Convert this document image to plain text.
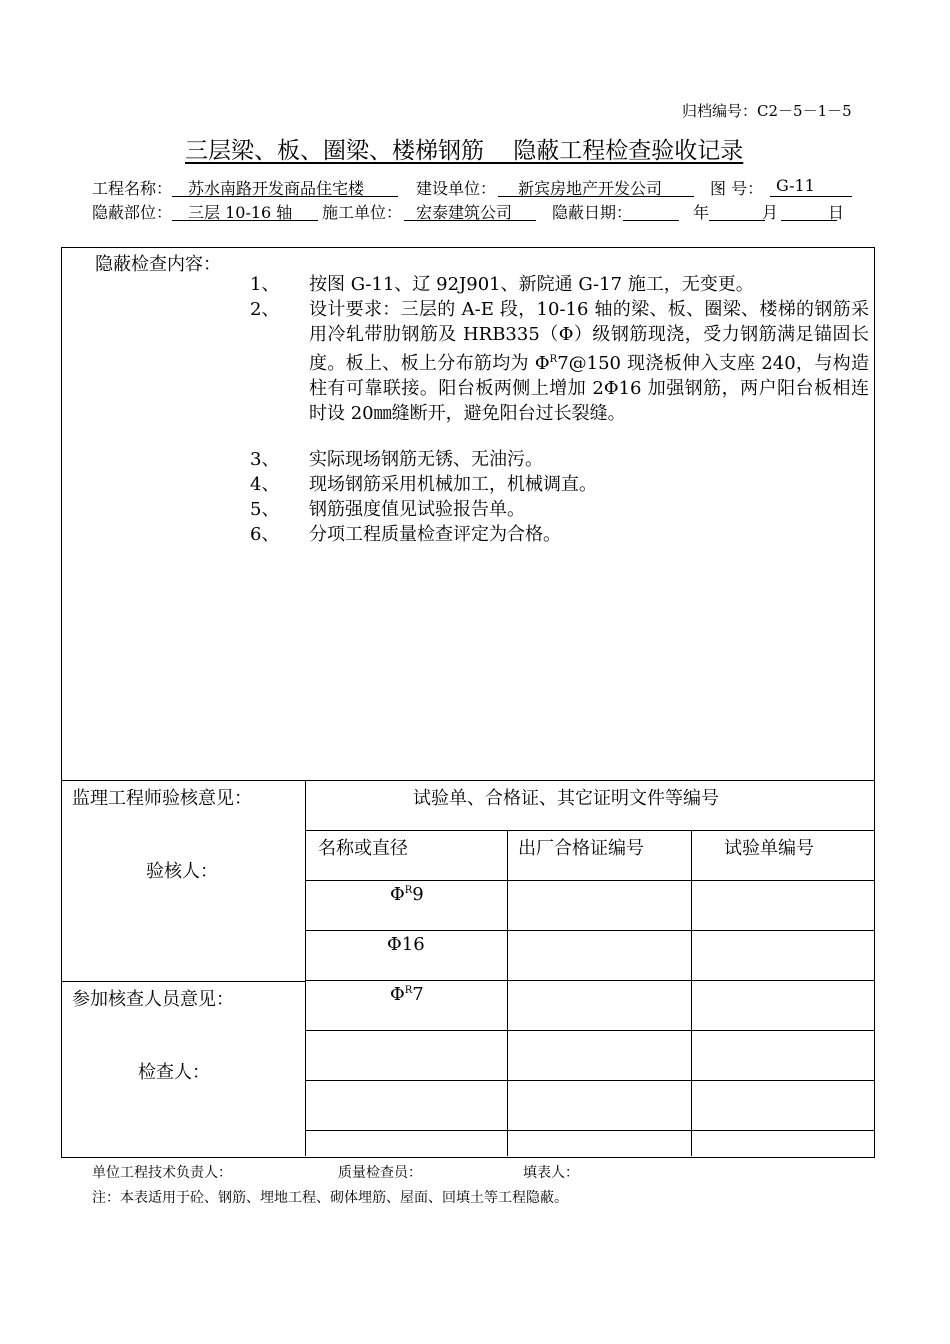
归档编号：C2－5－1－5
三层梁、板、圈梁、楼梯钢筋    隐蔽工程检查验收记录
工程名称： 苏水南路开发商品住宅楼	建设单位：	新宾房地产开发公司	图 号： G-11
隐蔽部位： 三层 10-16 轴	施工单位： 宏泰建筑公司	隐蔽日期：	年	月	日
隐蔽检查内容：
1、 按图 G-11、辽 92J901、新院通 G-17 施工，无变更。
2、 设计要求：三层的 A-E 段，10-16 轴的梁、板、圈梁、楼梯的钢筋采用冷轧带肋钢筋及 HRB335（Φ）级钢筋现浇，受力钢筋满足锚固长度。板上、板上分布筋均为 $\Phi^R7@150$ 现浇板伸入支座 240，与构造柱有可靠联接。阳台板两侧上增加 2Φ16 加强钢筋，两户阳台板相连时设 20㎜缝断开，避免阳台过长裂缝。
3、 实际现场钢筋无锈、无油污。
4、 现场钢筋采用机械加工，机械调直。
5、 钢筋强度值见试验报告单。
6、 分项工程质量检查评定为合格。
监理工程师验核意见：
验核人：
参加核查人员意见：
检查人：
试验单、合格证、其它证明文件等编号
名称或直径	出厂合格证编号	试验单编号
$\Phi^R9$
Φ16
$\Phi^R7$
单位工程技术负责人：	质量检查员：	填表人：
注：本表适用于砼、钢筋、埋地工程、砌体埋筋、屋面、回填土等工程隐蔽。
